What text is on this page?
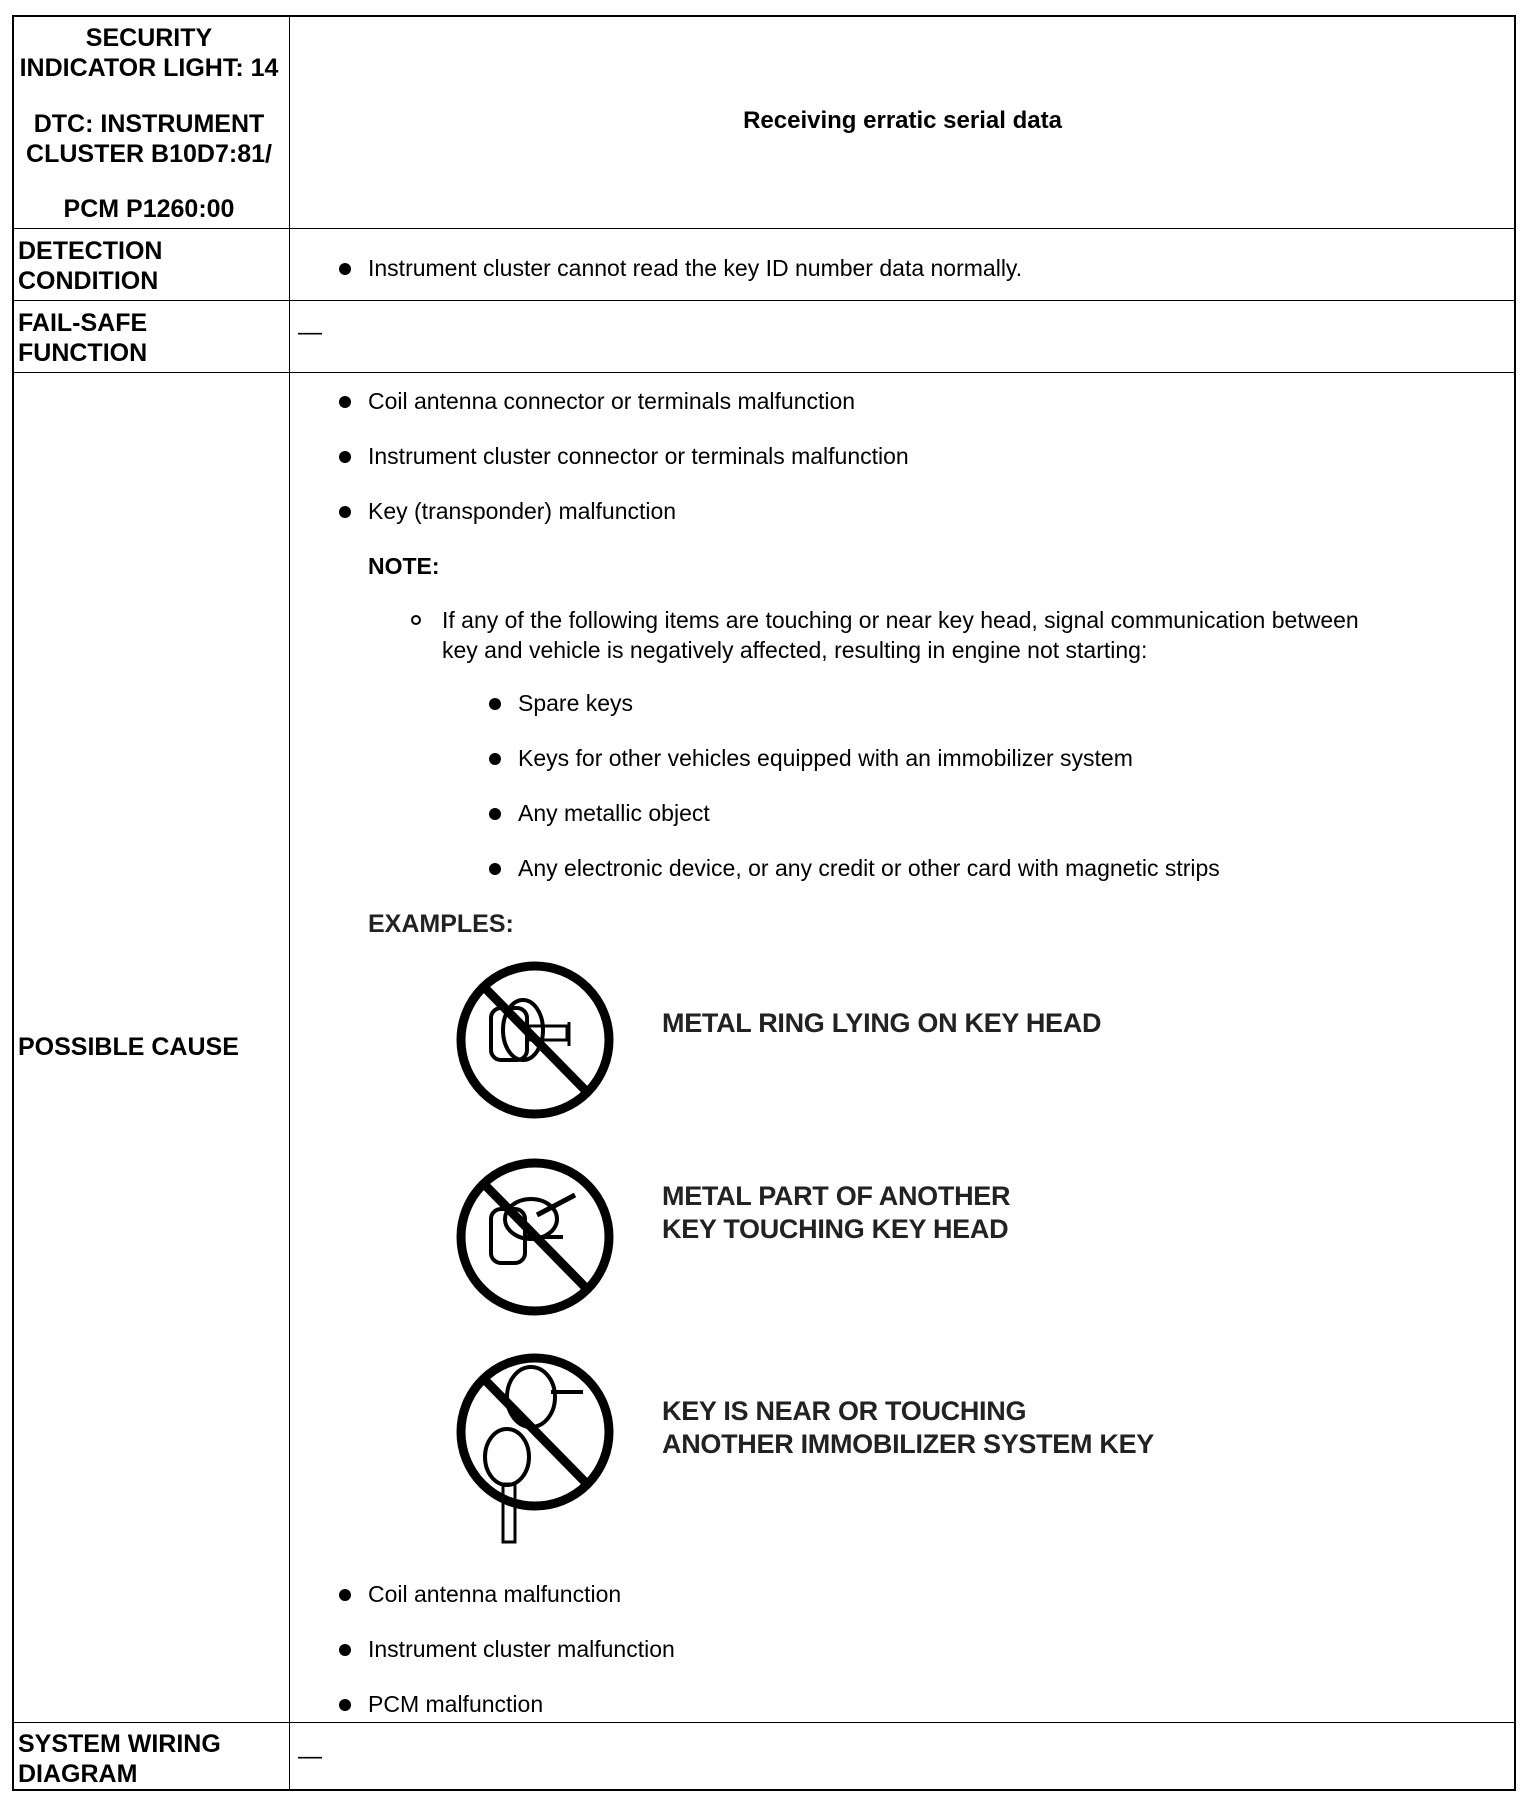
SECURITY
INDICATOR LIGHT: 14
DTC: INSTRUMENT
CLUSTER B10D7:81/
PCM P1260:00
Receiving erratic serial data
DETECTION
CONDITION	Instrument cluster cannot read the key ID number data normally.
FAIL-SAFE
FUNCTION
—
POSSIBLE CAUSE
Coil antenna connector or terminals malfunction
Instrument cluster connector or terminals malfunction
Key (transponder) malfunction
NOTE:
If any of the following items are touching or near key head, signal communication between
key and vehicle is negatively affected, resulting in engine not starting:
Spare keys
Keys for other vehicles equipped with an immobilizer system
Any metallic object
Any electronic device, or any credit or other card with magnetic strips
EXAMPLES:
METAL RING LYING ON KEY HEAD
METAL PART OF ANOTHER
KEY TOUCHING KEY HEAD
KEY IS NEAR OR TOUCHING
ANOTHER IMMOBILIZER SYSTEM KEY
Coil antenna malfunction
Instrument cluster malfunction
PCM malfunction
SYSTEM WIRING
DIAGRAM
—
